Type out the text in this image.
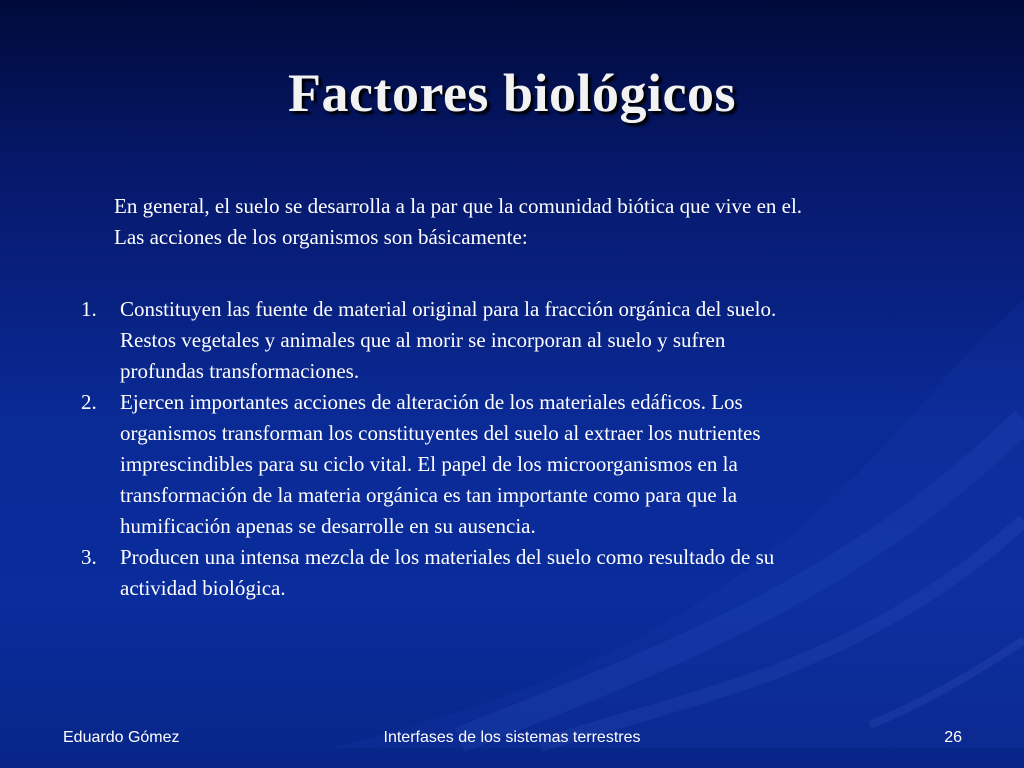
Factores biológicos

En general, el suelo se desarrolla a la par que la comunidad biótica que vive en el.
Las acciones de los organismos son básicamente:

1. Constituyen las fuente de material original para la fracción orgánica del suelo.
Restos vegetales y animales que al morir se incorporan al suelo y sufren
profundas transformaciones.
2. Ejercen importantes acciones de alteración de los materiales edáficos. Los
organismos transforman los constituyentes del suelo al extraer los nutrientes
imprescindibles para su ciclo vital. El papel de los microorganismos en la
transformación de la materia orgánica es tan importante como para que la
humificación apenas se desarrolle en su ausencia.
3. Producen una intensa mezcla de los materiales del suelo como resultado de su
actividad biológica.
Eduardo Gómez	Interfases de los sistemas terrestres	26
